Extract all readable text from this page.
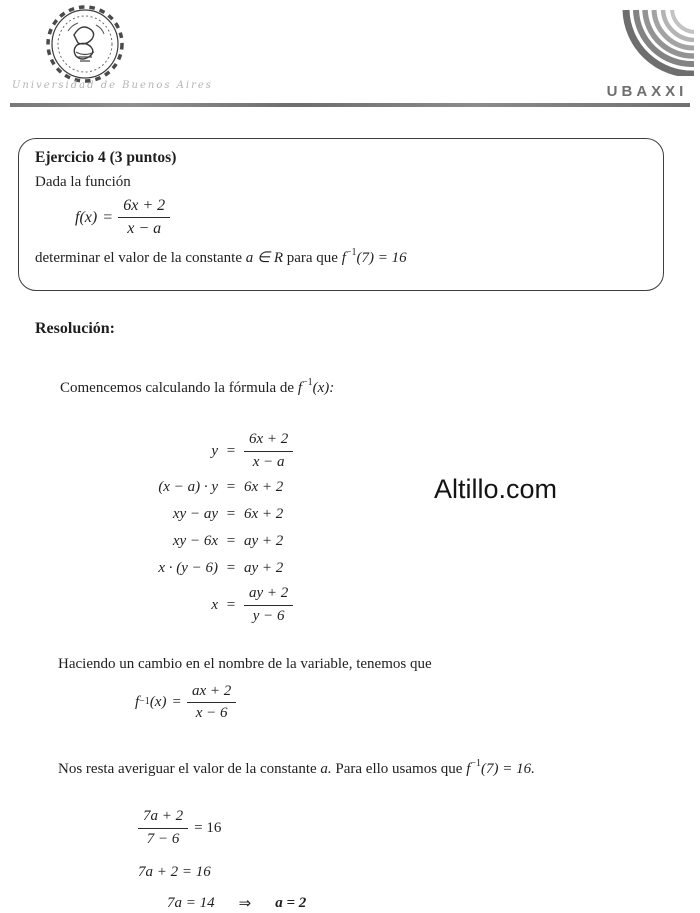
Universidad de Buenos Aires	UBAXXI
Ejercicio 4 (3 puntos)
Dada la función
$f(x) = \frac{6x + 2}{x - a}$
determinar el valor de la constante a ∈ R para que $f^{-1}(7) = 16$
Resolución:
Comencemos calculando la fórmula de $f^{-1}(x)$:
$y = \frac{6x + 2}{x - a}$
(x − a) · y = 6x + 2
xy − ay = 6x + 2
xy − 6x = ay + 2
x · (y − 6) = ay + 2
$x = \frac{ay + 2}{y - 6}$
Altillo.com
Haciendo un cambio en el nombre de la variable, tenemos que
$f^{-1}$ $(x) = \frac{ax + 2}{x - 6}$
Nos resta averiguar el valor de la constante a. Para ello usamos que $f^{-1}(7) = 16$.
$\frac{7a + 2}{7 - 6} = 16$
7a + 2 = 16
7a = 14 ⇒ a = 2
